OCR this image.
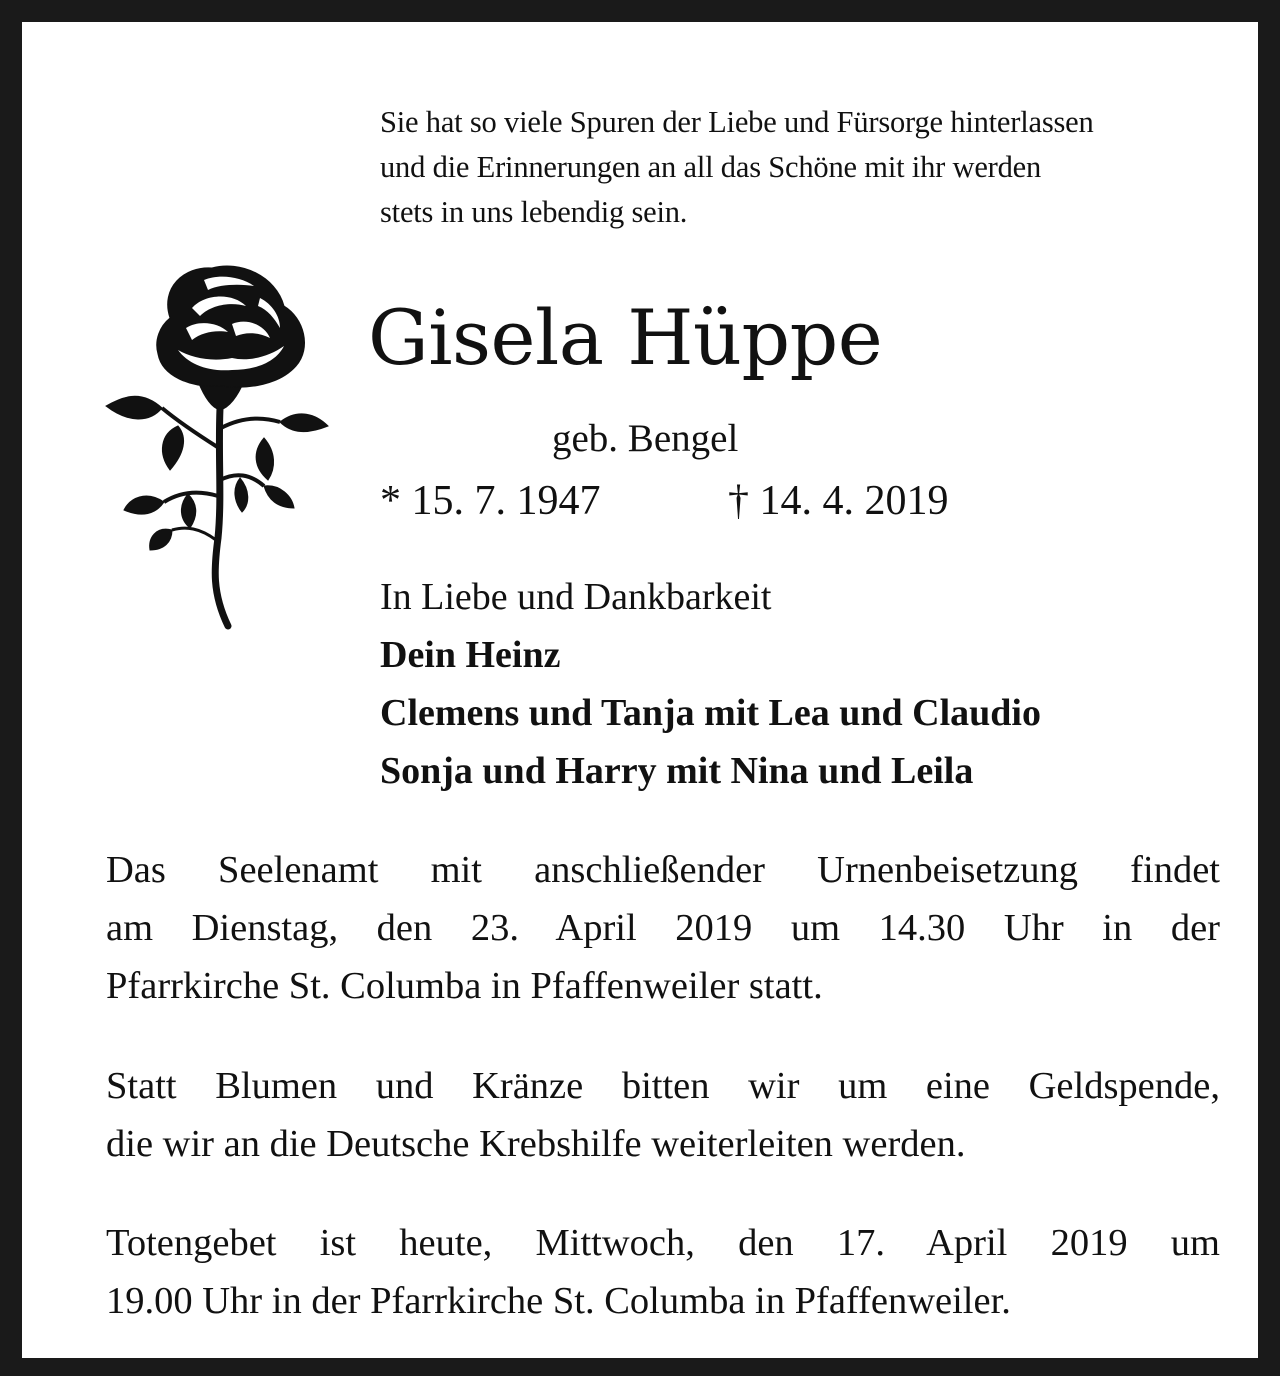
Sie hat so viele Spuren der Liebe und Fürsorge hinterlassen
und die Erinnerungen an all das Schöne mit ihr werden
stets in uns lebendig sein.
Gisela Hüppe
geb. Bengel
* 15. 7. 1947	† 14. 4. 2019
In Liebe und Dankbarkeit
Dein Heinz
Clemens und Tanja mit Lea und Claudio
Sonja und Harry mit Nina und Leila
Das Seelenamt mit anschließender Urnenbeisetzung findet
am Dienstag, den 23. April 2019 um 14.30 Uhr in der
Pfarrkirche St. Columba in Pfaffenweiler statt.
Statt Blumen und Kränze bitten wir um eine Geldspende,
die wir an die Deutsche Krebshilfe weiterleiten werden.
Totengebet ist heute, Mittwoch, den 17. April 2019 um
19.00 Uhr in der Pfarrkirche St. Columba in Pfaffenweiler.
